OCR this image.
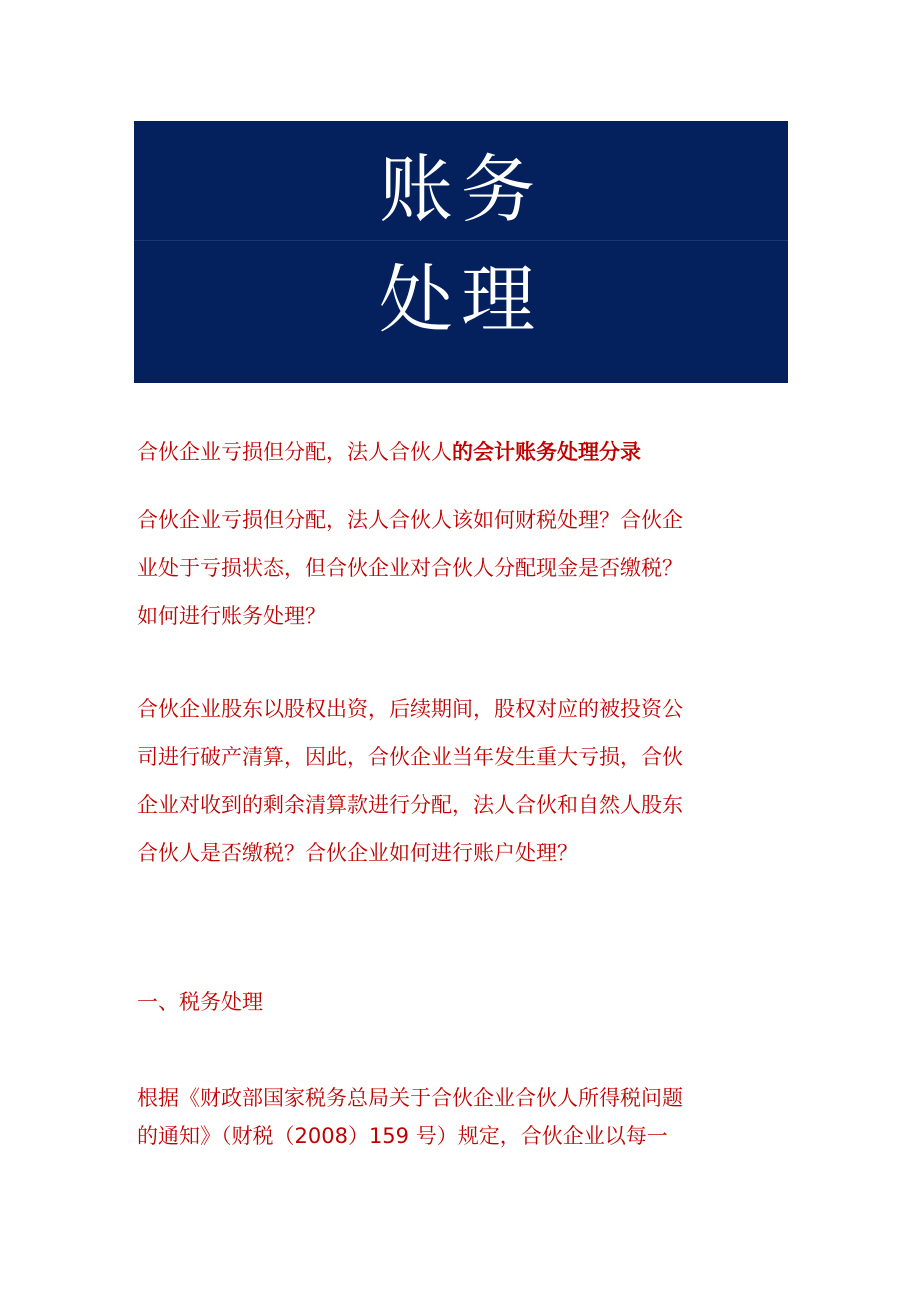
账务
处理
合伙企业亏损但分配，法人合伙人的会计账务处理分录
合伙企业亏损但分配，法人合伙人该如何财税处理？合伙企
业处于亏损状态，但合伙企业对合伙人分配现金是否缴税？
如何进行账务处理？
合伙企业股东以股权出资，后续期间，股权对应的被投资公
司进行破产清算，因此，合伙企业当年发生重大亏损，合伙
企业对收到的剩余清算款进行分配，法人合伙和自然人股东
合伙人是否缴税？合伙企业如何进行账户处理？
一、税务处理
根据《财政部国家税务总局关于合伙企业合伙人所得税问题
的通知》（财税（2008）159 号）规定，合伙企业以每一
